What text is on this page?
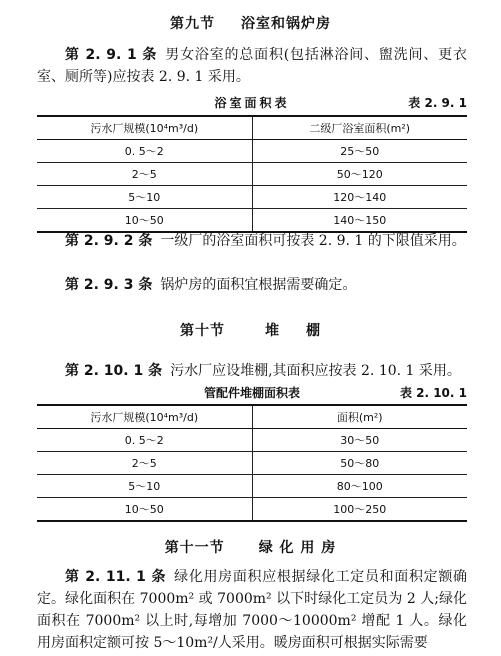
第九节 浴室和锅炉房
第 2. 9. 1 条 男女浴室的总面积(包括淋浴间、盥洗间、更衣室、厕所等)应按表 2. 9. 1 采用。
浴室面积表	表 2. 9. 1
污水厂规模(10⁴m³/d)	二级厂浴室面积(m²)
0. 5～2	25～50
2～5	50～120
5～10	120～140
10～50	140～150
第 2. 9. 2 条 一级厂的浴室面积可按表 2. 9. 1 的下限值采用。
第 2. 9. 3 条 锅炉房的面积宜根据需要确定。
第十节	堆 棚
第 2. 10. 1 条 污水厂应设堆棚,其面积应按表 2. 10. 1 采用。
管配件堆棚面积表	表 2. 10. 1
污水厂规模(10⁴m³/d)	面积(m²)
0. 5～2	30～50
2～5	50～80
5～10	80～100
10～50	100～250
第十一节 绿 化 用 房
第 2. 11. 1 条 绿化用房面积应根据绿化工定员和面积定额确定。绿化面积在 7000m² 或 7000m² 以下时绿化工定员为 2 人;绿化面积在 7000m² 以上时,每增加 7000～10000m² 增配 1 人。绿化用房面积定额可按 5～10m²/人采用。暖房面积可根据实际需要
